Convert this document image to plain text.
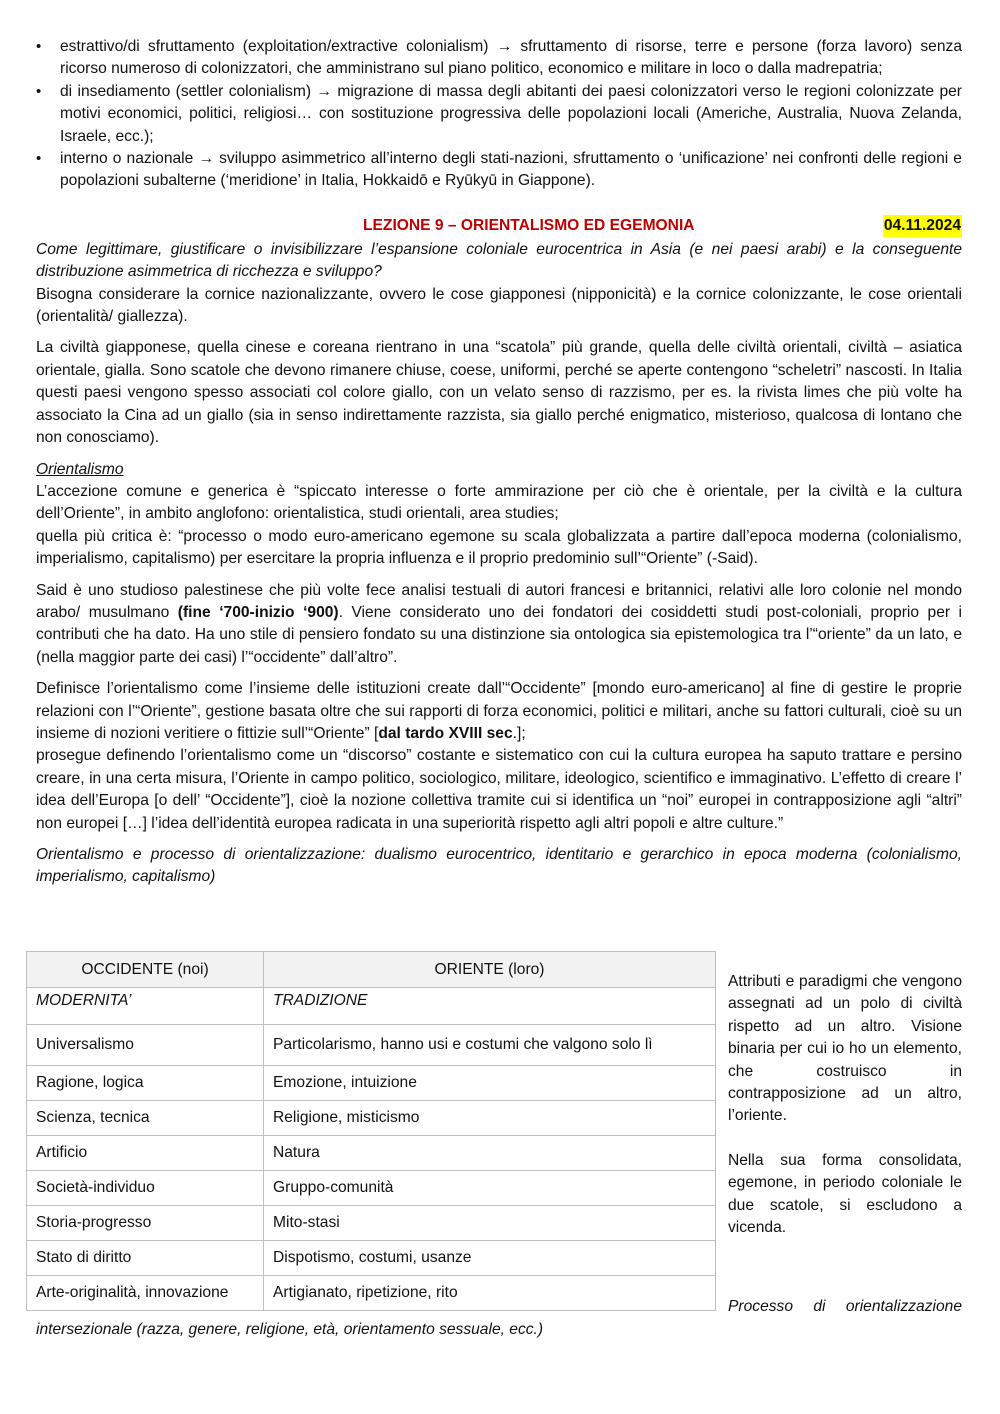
• estrattivo/di sfruttamento (exploitation/extractive colonialism) → sfruttamento di risorse, terre e persone (forza lavoro) senza ricorso numeroso di colonizzatori, che amministrano sul piano politico, economico e militare in loco o dalla madrepatria;
• di insediamento (settler colonialism) → migrazione di massa degli abitanti dei paesi colonizzatori verso le regioni colonizzate per motivi economici, politici, religiosi… con sostituzione progressiva delle popolazioni locali (Americhe, Australia, Nuova Zelanda, Israele, ecc.);
• interno o nazionale → sviluppo asimmetrico all’interno degli stati-nazioni, sfruttamento o ‘unificazione’ nei confronti delle regioni e popolazioni subalterne (‘meridione’ in Italia, Hokkaidō e Ryūkyū in Giappone).
LEZIONE 9 – ORIENTALISMO ED EGEMONIA	04.11.2024

Come legittimare, giustificare o invisibilizzare l’espansione coloniale eurocentrica in Asia (e nei paesi arabi) e la conseguente distribuzione asimmetrica di ricchezza e sviluppo?

Bisogna considerare la cornice nazionalizzante, ovvero le cose giapponesi (nipponicità) e la cornice colonizzante, le cose orientali (orientalità/ giallezza).

La civiltà giapponese, quella cinese e coreana rientrano in una “scatola” più grande, quella delle civiltà orientali, civiltà – asiatica orientale, gialla. Sono scatole che devono rimanere chiuse, coese, uniformi, perché se aperte contengono “scheletri” nascosti. In Italia questi paesi vengono spesso associati col colore giallo, con un velato senso di razzismo, per es. la rivista limes che più volte ha associato la Cina ad un giallo (sia in senso indirettamente razzista, sia giallo perché enigmatico, misterioso, qualcosa di lontano che non conosciamo).

Orientalismo

L’accezione comune e generica è “spiccato interesse o forte ammirazione per ciò che è orientale, per la civiltà e la cultura dell’Oriente”, in ambito anglofono: orientalistica, studi orientali, area studies;

quella più critica è: “processo o modo euro-americano egemone su scala globalizzata a partire dall’epoca moderna (colonialismo, imperialismo, capitalismo) per esercitare la propria influenza e il proprio predominio sull’“Oriente” (-Said).

Said è uno studioso palestinese che più volte fece analisi testuali di autori francesi e britannici, relativi alle loro colonie nel mondo arabo/ musulmano (fine ‘700-inizio ‘900). Viene considerato uno dei fondatori dei cosiddetti studi post-coloniali, proprio per i contributi che ha dato. Ha uno stile di pensiero fondato su una distinzione sia ontologica sia epistemologica tra l’“oriente” da un lato, e (nella maggior parte dei casi) l’“occidente” dall’altro”.

Definisce l’orientalismo come l’insieme delle istituzioni create dall’“Occidente” [mondo euro-americano] al fine di gestire le proprie relazioni con l’“Oriente”, gestione basata oltre che sui rapporti di forza economici, politici e militari, anche su fattori culturali, cioè su un insieme di nozioni veritiere o fittizie sull’“Oriente” [dal tardo XVIII sec.];

prosegue definendo l’orientalismo come un “discorso” costante e sistematico con cui la cultura europea ha saputo trattare e persino creare, in una certa misura, l’Oriente in campo politico, sociologico, militare, ideologico, scientifico e immaginativo. L’effetto di creare l’ idea dell’Europa [o dell’ “Occidente”], cioè la nozione collettiva tramite cui si identifica un “noi” europei in contrapposizione agli “altri” non europei […] l’idea dell’identità europea radicata in una superiorità rispetto agli altri popoli e altre culture.”

Orientalismo e processo di orientalizzazione: dualismo eurocentrico, identitario e gerarchico in epoca moderna (colonialismo, imperialismo, capitalismo)

OCCIDENTE (noi)	ORIENTE (loro)
MODERNITA’	TRADIZIONE
Universalismo	Particolarismo, hanno usi e costumi che valgono solo lì
Ragione, logica	Emozione, intuizione
Scienza, tecnica	Religione, misticismo
Artificio	Natura
Società-individuo	Gruppo-comunità
Storia-progresso	Mito-stasi
Stato di diritto	Dispotismo, costumi, usanze
Arte-originalità, innovazione	Artigianato, ripetizione, rito

Attributi e paradigmi che vengono assegnati ad un polo di civiltà rispetto ad un altro. Visione binaria per cui io ho un elemento, che costruisco in contrapposizione ad un altro, l’oriente.

Nella sua forma consolidata, egemone, in periodo coloniale le due scatole, si escludono a vicenda.

Processo di orientalizzazione

intersezionale (razza, genere, religione, età, orientamento sessuale, ecc.)
